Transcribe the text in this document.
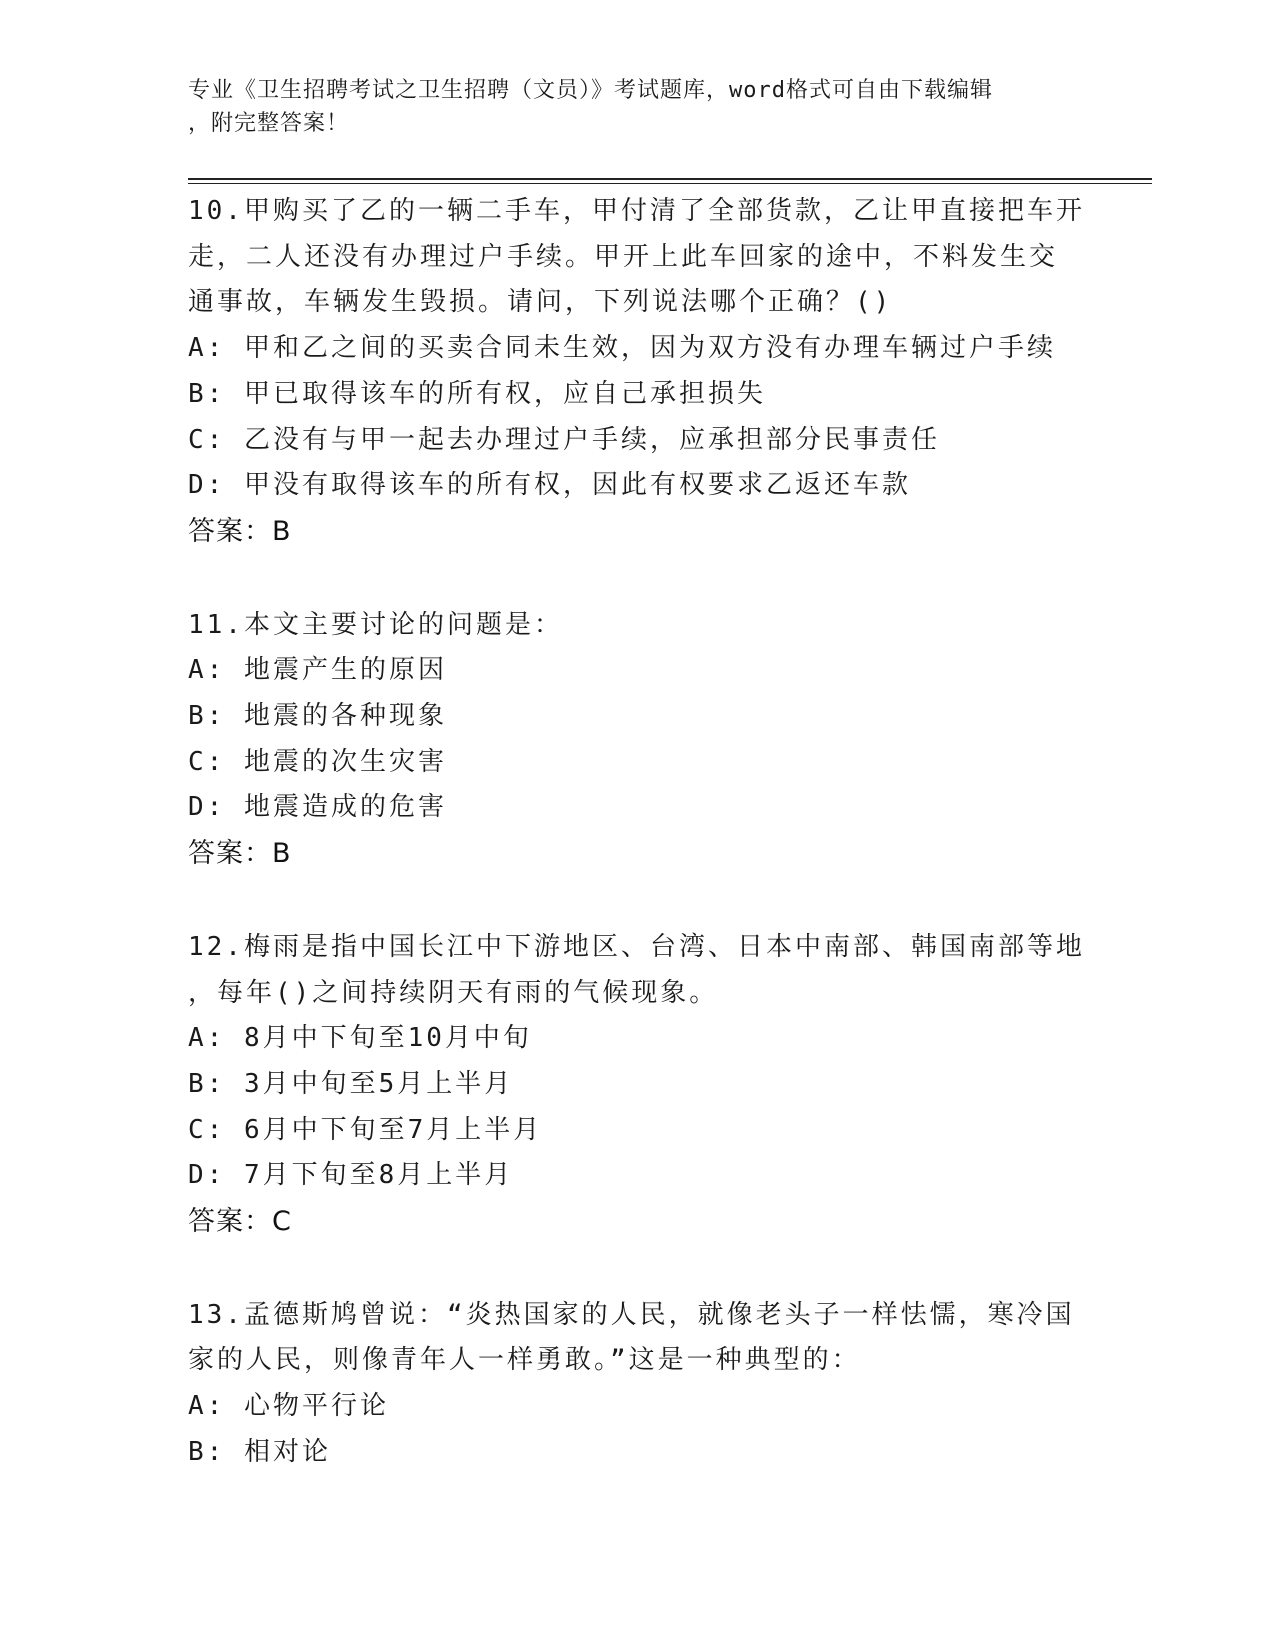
专业《卫生招聘考试之卫生招聘（文员）》考试题库，word格式可自由下载编辑
，附完整答案！
10.甲购买了乙的一辆二手车，甲付清了全部货款，乙让甲直接把车开
走，二人还没有办理过户手续。甲开上此车回家的途中，不料发生交
通事故，车辆发生毁损。请问，下列说法哪个正确？()
A: 甲和乙之间的买卖合同未生效，因为双方没有办理车辆过户手续
B: 甲已取得该车的所有权，应自己承担损失
C: 乙没有与甲一起去办理过户手续，应承担部分民事责任
D: 甲没有取得该车的所有权，因此有权要求乙返还车款
答案：B
11.本文主要讨论的问题是：
A: 地震产生的原因
B: 地震的各种现象
C: 地震的次生灾害
D: 地震造成的危害
答案：B
12.梅雨是指中国长江中下游地区、台湾、日本中南部、韩国南部等地
，每年()之间持续阴天有雨的气候现象。
A: 8月中下旬至10月中旬
B: 3月中旬至5月上半月
C: 6月中下旬至7月上半月
D: 7月下旬至8月上半月
答案：C
13.孟德斯鸠曾说：“炎热国家的人民，就像老头子一样怯懦，寒冷国
家的人民，则像青年人一样勇敢。”这是一种典型的：
A: 心物平行论
B: 相对论
